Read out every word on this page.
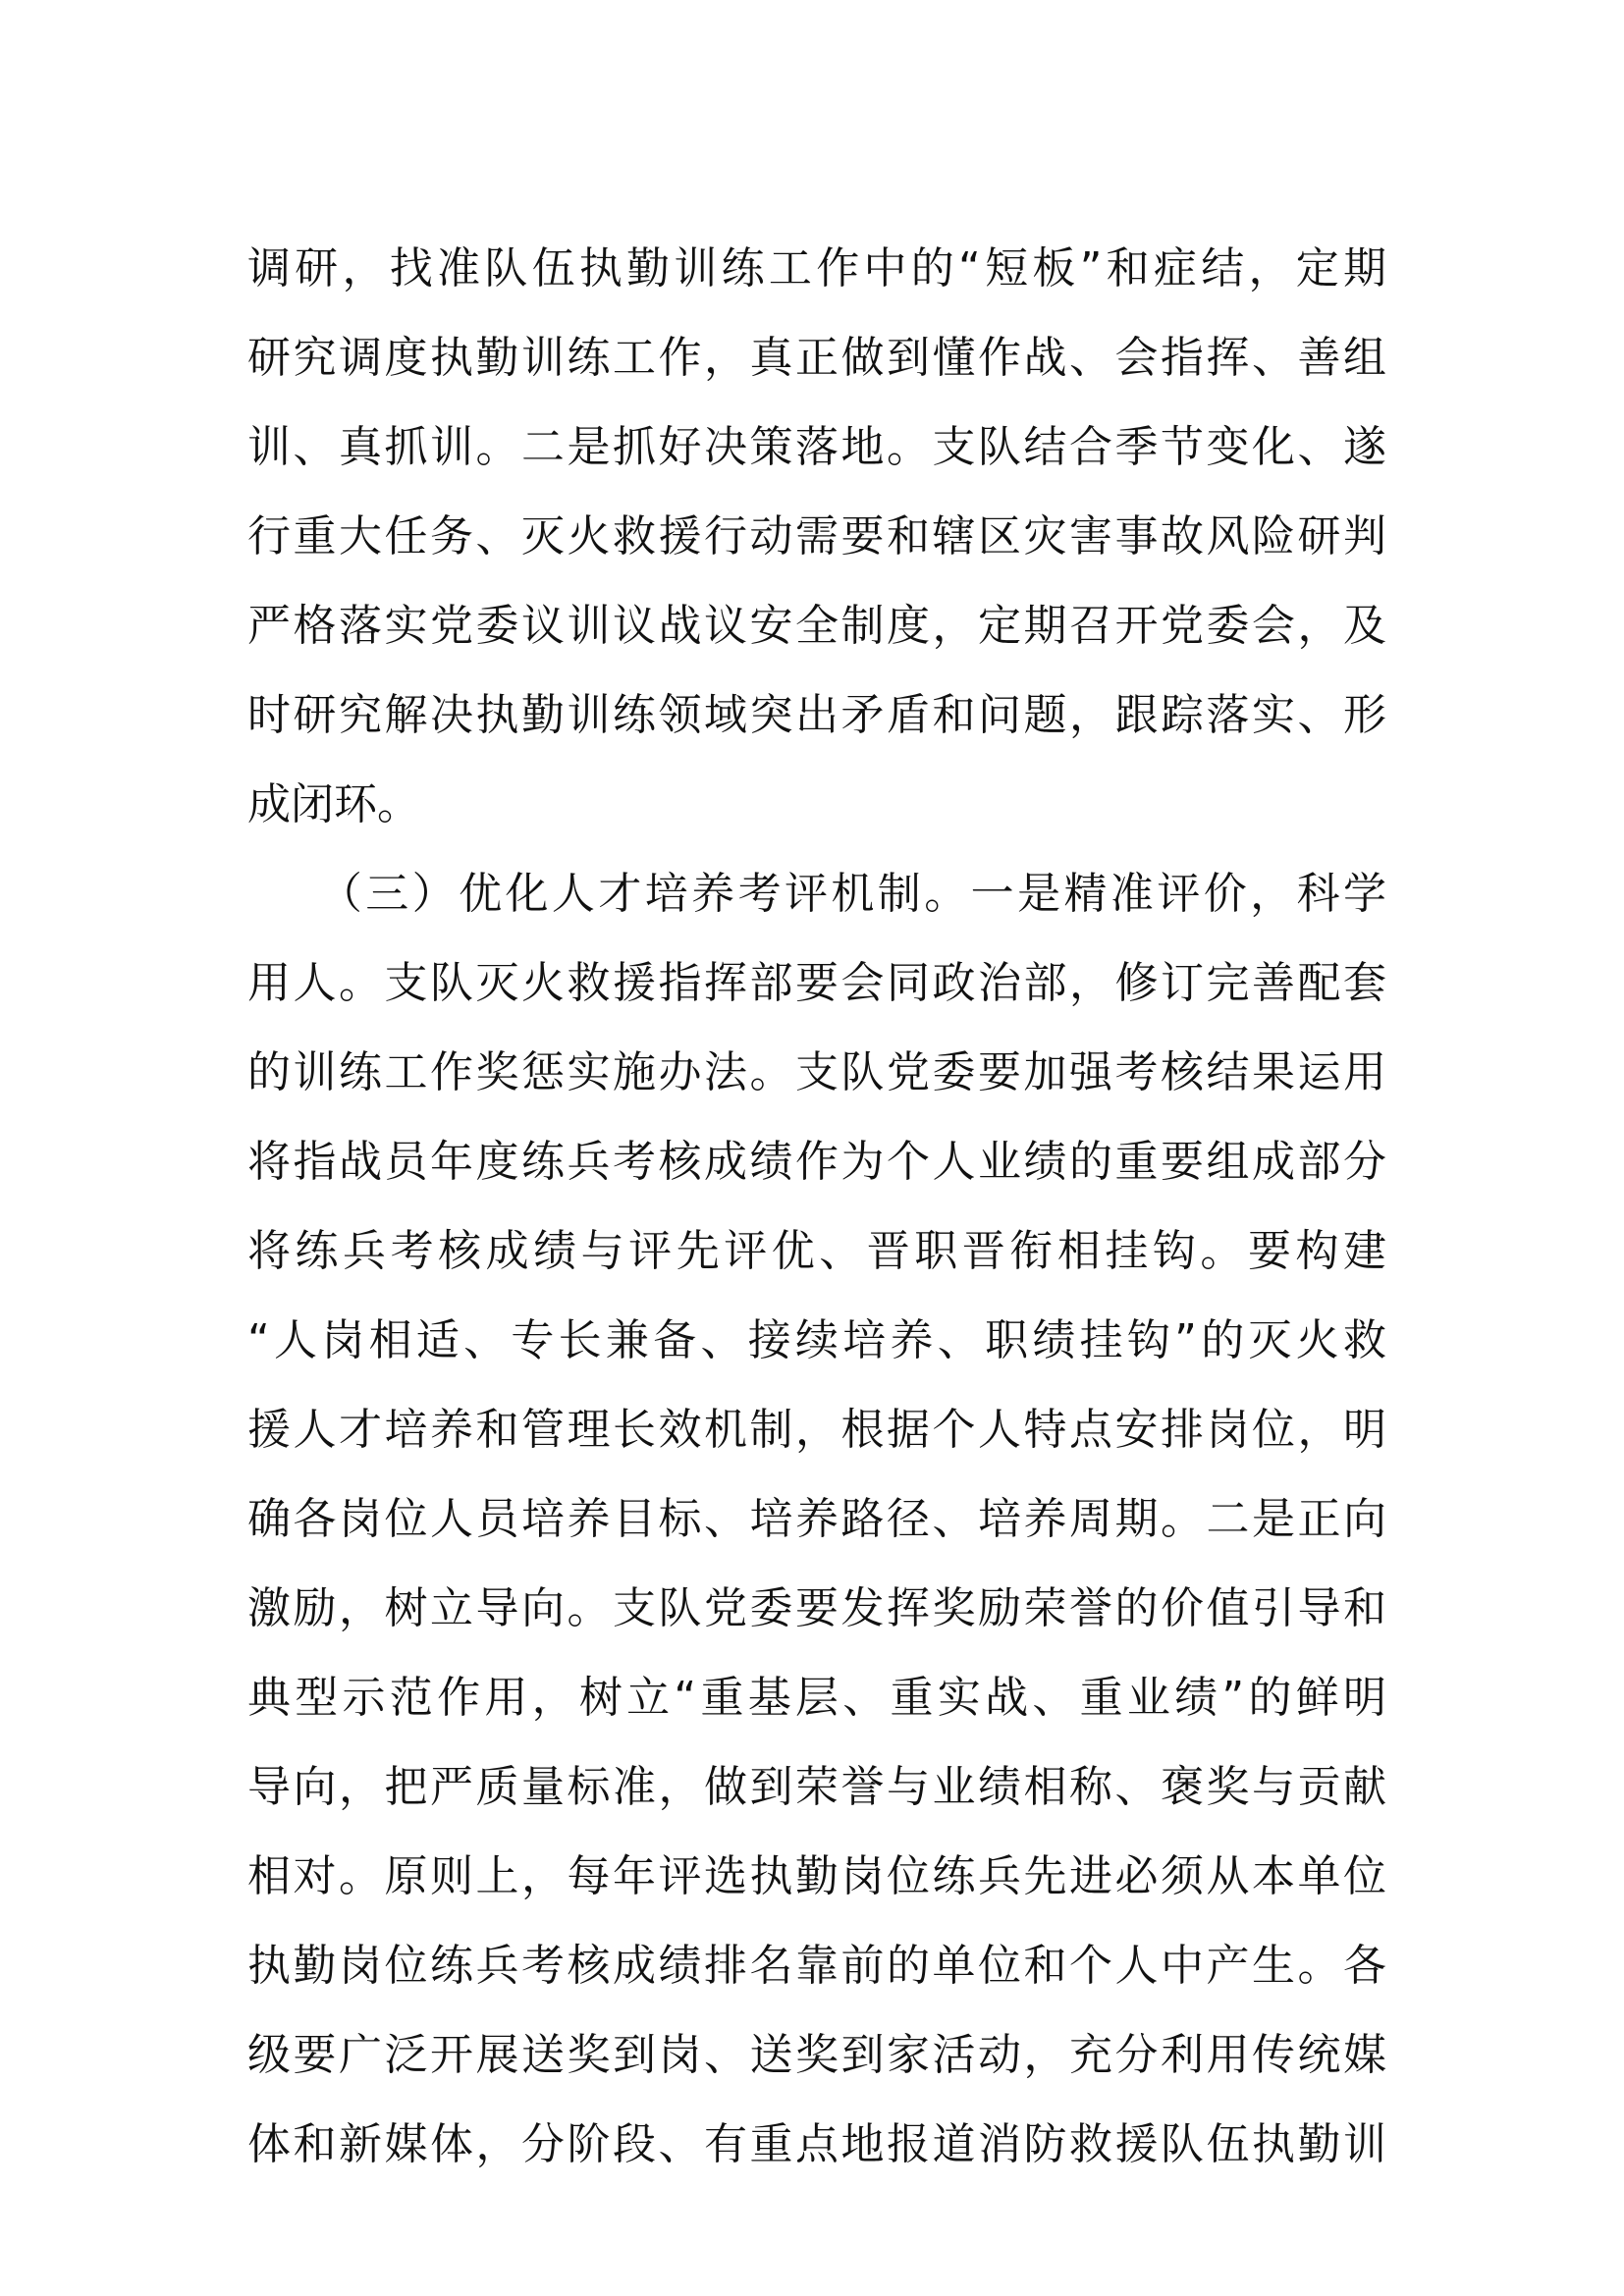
调研，找准队伍执勤训练工作中的“短板”和症结，定期
研究调度执勤训练工作，真正做到懂作战、会指挥、善组
训、真抓训。二是抓好决策落地。支队结合季节变化、遂
行重大任务、灭火救援行动需要和辖区灾害事故风险研判
严格落实党委议训议战议安全制度，定期召开党委会，及
时研究解决执勤训练领域突出矛盾和问题，跟踪落实、形
成闭环。
　　（三）优化人才培养考评机制。一是精准评价，科学
用人。支队灭火救援指挥部要会同政治部，修订完善配套
的训练工作奖惩实施办法。支队党委要加强考核结果运用
将指战员年度练兵考核成绩作为个人业绩的重要组成部分
将练兵考核成绩与评先评优、晋职晋衔相挂钩。要构建
“人岗相适、专长兼备、接续培养、职绩挂钩”的灭火救
援人才培养和管理长效机制，根据个人特点安排岗位，明
确各岗位人员培养目标、培养路径、培养周期。二是正向
激励，树立导向。支队党委要发挥奖励荣誉的价值引导和
典型示范作用，树立“重基层、重实战、重业绩”的鲜明
导向，把严质量标准，做到荣誉与业绩相称、褒奖与贡献
相对。原则上，每年评选执勤岗位练兵先进必须从本单位
执勤岗位练兵考核成绩排名靠前的单位和个人中产生。各
级要广泛开展送奖到岗、送奖到家活动，充分利用传统媒
体和新媒体，分阶段、有重点地报道消防救援队伍执勤训
